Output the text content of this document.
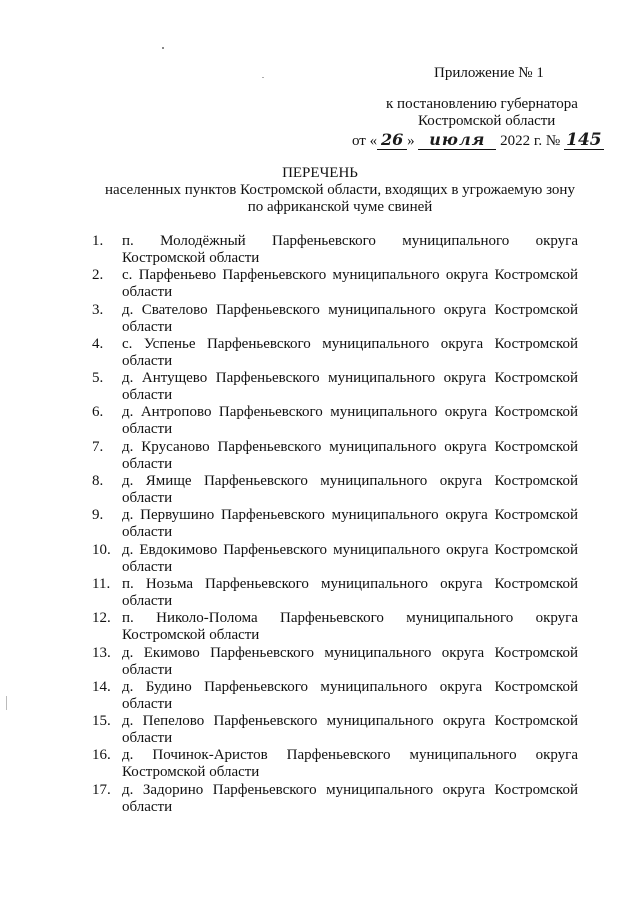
Приложение № 1
к постановлению губернатора
Костромской области
от « 26 » июля 2022 г. № 145
ПЕРЕЧЕНЬ
населенных пунктов Костромской области, входящих в угрожаемую зону
по африканской чуме свиней
1.	п. Молодёжный Парфеньевского муниципального округа
Костромской области
2.	с. Парфеньево Парфеньевского муниципального округа Костромской
области
3.	д. Свателово Парфеньевского муниципального округа Костромской
области
4.	с. Успенье Парфеньевского муниципального округа Костромской
области
5.	д. Антущево Парфеньевского муниципального округа Костромской
области
6.	д. Антропово Парфеньевского муниципального округа Костромской
области
7.	д. Крусаново Парфеньевского муниципального округа Костромской
области
8.	д. Ямище Парфеньевского муниципального округа Костромской
области
9.	д. Первушино Парфеньевского муниципального округа Костромской
области
10. д. Евдокимово Парфеньевского муниципального округа Костромской
области
11. п. Нозьма Парфеньевского муниципального округа Костромской
области
12. п. Николо-Полома Парфеньевского муниципального округа
Костромской области
13. д. Екимово Парфеньевского муниципального округа Костромской
области
14. д. Будино Парфеньевского муниципального округа Костромской
области
15. д. Пепелово Парфеньевского муниципального округа Костромской
области
16. д. Починок-Аристов Парфеньевского муниципального округа
Костромской области
17. д. Задорино Парфеньевского муниципального округа Костромской
области
